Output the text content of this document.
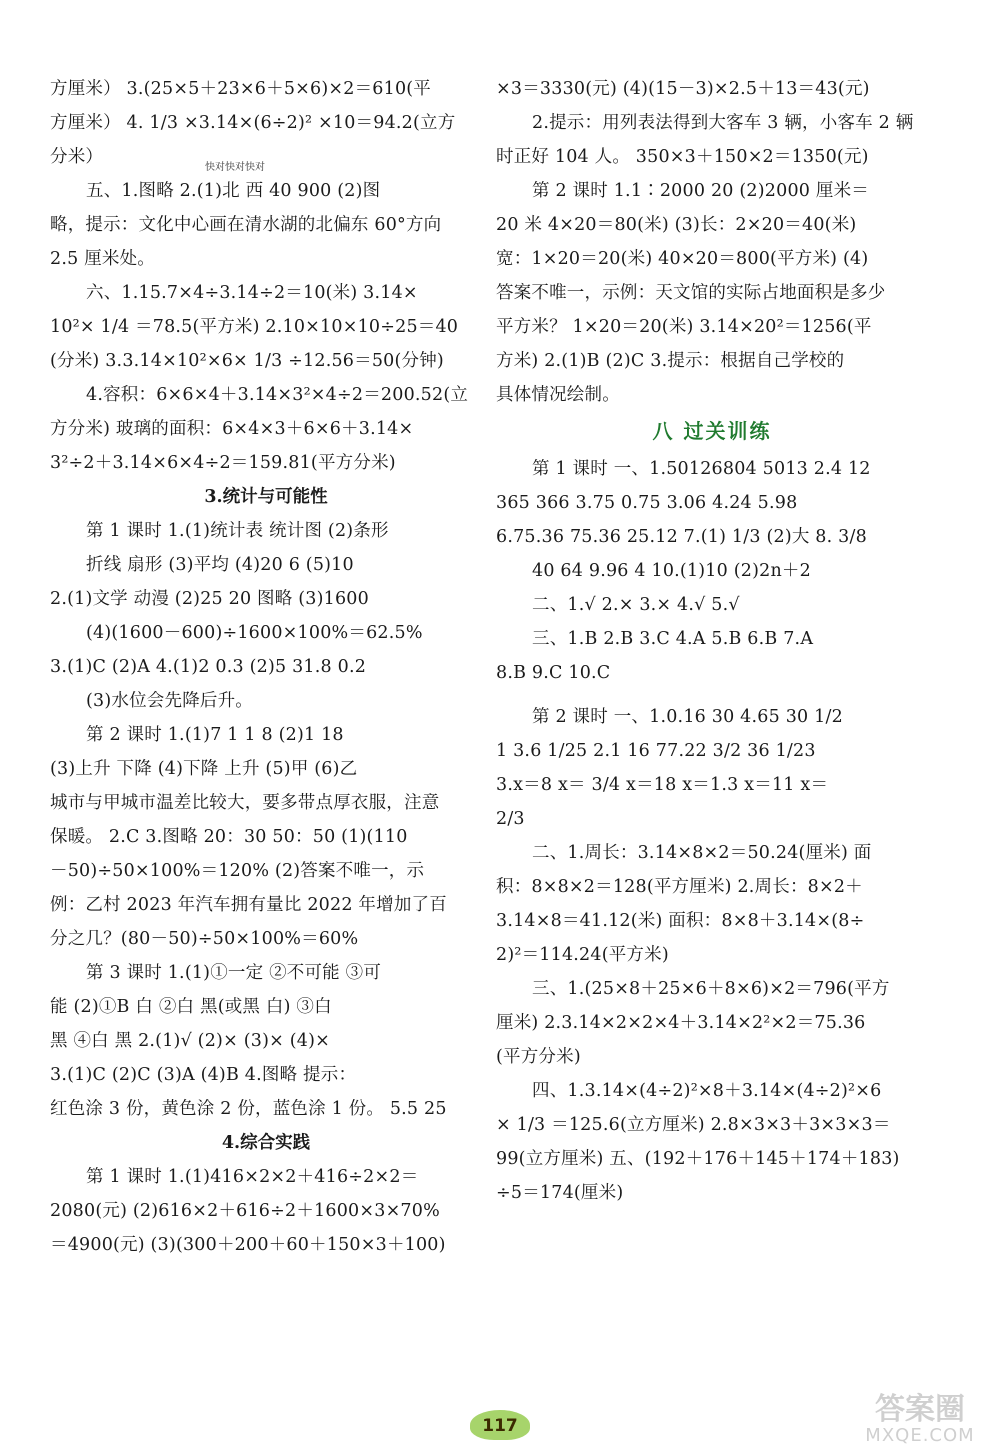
方厘米） 3.(25×5＋23×6＋5×6)×2＝610(平
方厘米） 4. 1/3 ×3.14×(6÷2)² ×10＝94.2(立方
分米）
五、1.图略 2.(1)北 西 40 900 (2)图
略，提示：文化中心画在清水湖的北偏东 60°方向
2.5 厘米处。
六、1.15.7×4÷3.14÷2＝10(米) 3.14×
10²× 1/4 ＝78.5(平方米) 2.10×10×10÷25＝40
(分米) 3.3.14×10²×6× 1/3 ÷12.56＝50(分钟)
4.容积：6×6×4＋3.14×3²×4÷2＝200.52(立
方分米) 玻璃的面积：6×4×3＋6×6＋3.14×
3²÷2＋3.14×6×4÷2＝159.81(平方分米)
3.统计与可能性
第 1 课时 1.(1)统计表 统计图 (2)条形
折线 扇形 (3)平均 (4)20 6 (5)10
2.(1)文学 动漫 (2)25 20 图略 (3)1600
(4)(1600－600)÷1600×100%＝62.5%
3.(1)C (2)A 4.(1)2 0.3 (2)5 31.8 0.2
(3)水位会先降后升。
第 2 课时 1.(1)7 1 1 8 (2)1 18
(3)上升 下降 (4)下降 上升 (5)甲 (6)乙
城市与甲城市温差比较大，要多带点厚衣服，注意
保暖。 2.C 3.图略 20：30 50：50 (1)(110
－50)÷50×100%＝120% (2)答案不唯一，示
例：乙村 2023 年汽车拥有量比 2022 年增加了百
分之几？(80－50)÷50×100%＝60%
第 3 课时 1.(1)①一定 ②不可能 ③可
能 (2)①B 白 ②白 黑(或黑 白) ③白
黑 ④白 黑 2.(1)√ (2)× (3)× (4)×
3.(1)C (2)C (3)A (4)B 4.图略 提示：
红色涂 3 份，黄色涂 2 份，蓝色涂 1 份。 5.5 25
4.综合实践
第 1 课时 1.(1)416×2×2＋416÷2×2＝
2080(元) (2)616×2＋616÷2＋1600×3×70%
＝4900(元) (3)(300＋200＋60＋150×3＋100)
×3＝3330(元) (4)(15－3)×2.5＋13＝43(元)
2.提示：用列表法得到大客车 3 辆，小客车 2 辆
时正好 104 人。 350×3＋150×2＝1350(元)
第 2 课时 1.1∶2000 20 (2)2000 厘米＝
20 米 4×20＝80(米) (3)长：2×20＝40(米)
宽：1×20＝20(米) 40×20＝800(平方米) (4)
答案不唯一，示例：天文馆的实际占地面积是多少
平方米？ 1×20＝20(米) 3.14×20²＝1256(平
方米) 2.(1)B (2)C 3.提示：根据自己学校的
具体情况绘制。
八 过关训练
第 1 课时 一、1.50126804 5013 2.4 12
365 366 3.75 0.75 3.06 4.24 5.98
6.75.36 75.36 25.12 7.(1) 1/3 (2)大 8. 3/8
40 64 9.96 4 10.(1)10 (2)2n＋2
二、1.√ 2.× 3.× 4.√ 5.√
三、1.B 2.B 3.C 4.A 5.B 6.B 7.A
8.B 9.C 10.C
第 2 课时 一、1.0.16 30 4.65 30 1/2
1 3.6 1/25 2.1 16 77.22 3/2 36 1/23
3.x＝8 x＝ 3/4 x＝18 x＝1.3 x＝11 x＝
2/3
二、1.周长：3.14×8×2＝50.24(厘米) 面
积：8×8×2＝128(平方厘米) 2.周长：8×2＋
3.14×8＝41.12(米) 面积：8×8＋3.14×(8÷
2)²＝114.24(平方米)
三、1.(25×8＋25×6＋8×6)×2＝796(平方
厘米) 2.3.14×2×2×4＋3.14×2²×2＝75.36
(平方分米)
四、1.3.14×(4÷2)²×8＋3.14×(4÷2)²×6
× 1/3 ＝125.6(立方厘米) 2.8×3×3＋3×3×3＝
99(立方厘米) 五、(192＋176＋145＋174＋183)
÷5＝174(厘米)
快对快对快对
117	答案圈
MXQE.COM
